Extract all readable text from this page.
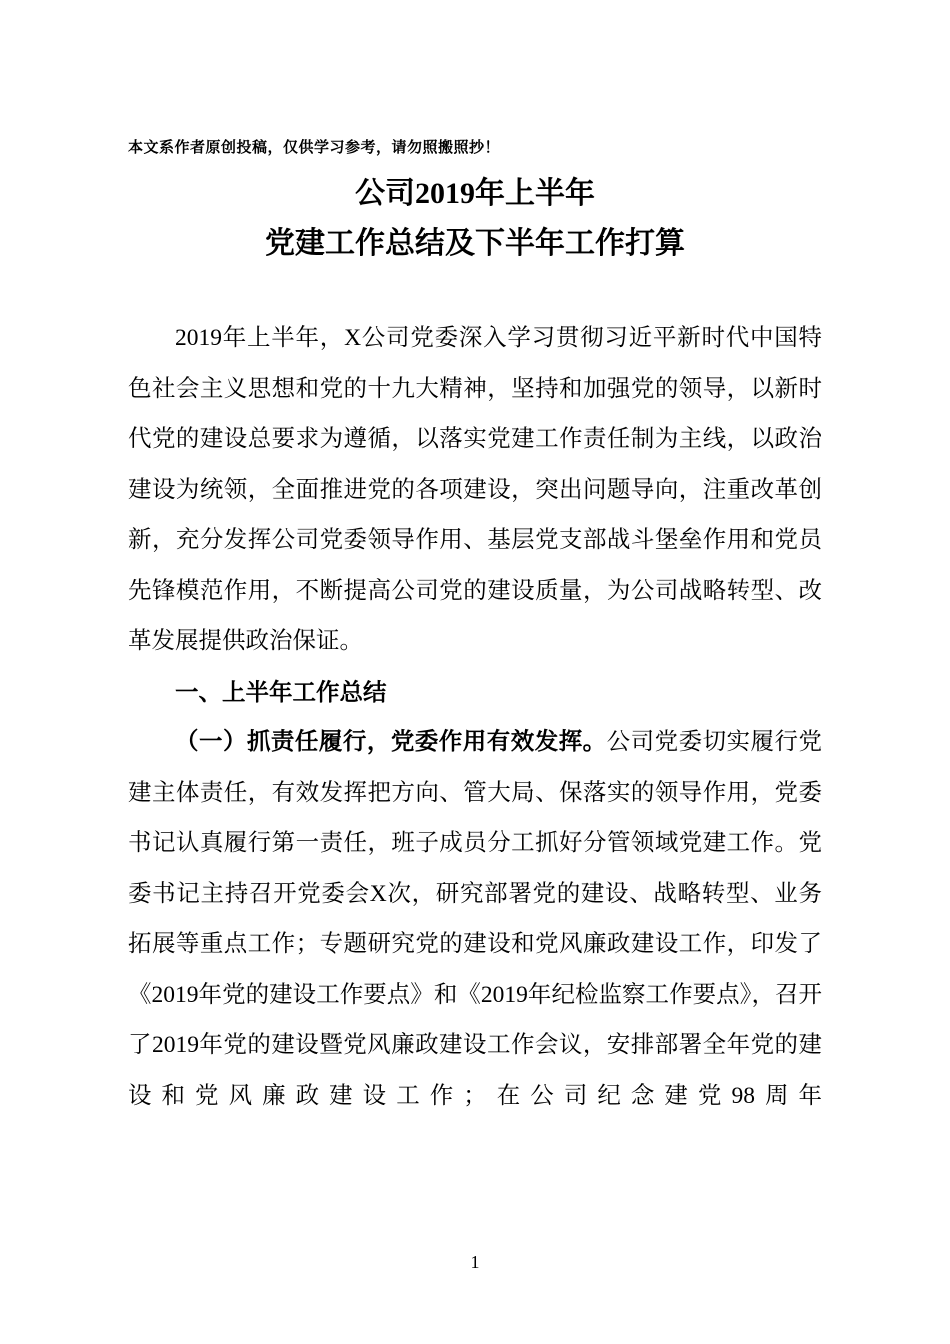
本文系作者原创投稿，仅供学习参考，请勿照搬照抄！
公司2019年上半年
党建工作总结及下半年工作打算

2019年上半年，X公司党委深入学习贯彻习近平新时代中国特色社会主义思想和党的十九大精神，坚持和加强党的领导，以新时代党的建设总要求为遵循，以落实党建工作责任制为主线，以政治建设为统领，全面推进党的各项建设，突出问题导向，注重改革创新，充分发挥公司党委领导作用、基层党支部战斗堡垒作用和党员先锋模范作用，不断提高公司党的建设质量，为公司战略转型、改革发展提供政治保证。

一、上半年工作总结

（一）抓责任履行，党委作用有效发挥。公司党委切实履行党建主体责任，有效发挥把方向、管大局、保落实的领导作用，党委书记认真履行第一责任，班子成员分工抓好分管领域党建工作。党委书记主持召开党委会X次，研究部署党的建设、战略转型、业务拓展等重点工作；专题研究党的建设和党风廉政建设工作，印发了《2019年党的建设工作要点》和《2019年纪检监察工作要点》，召开了2019年党的建设暨党风廉政建设工作会议，安排部署全年党的建设和党风廉政建设工作；在公司纪念建党98周年

1
